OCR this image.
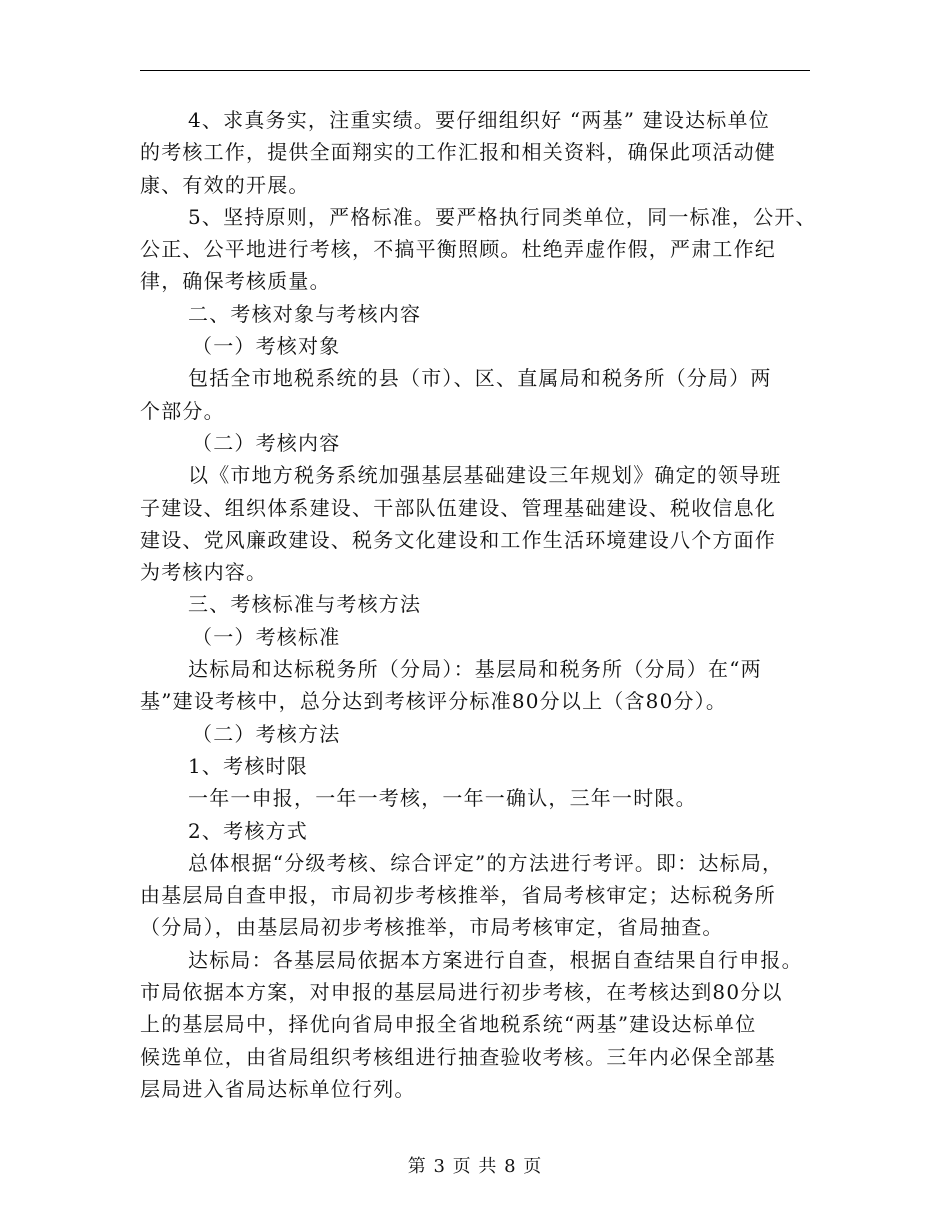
4、求真务实，注重实绩。要仔细组织好 “两基” 建设达标单位
的考核工作，提供全面翔实的工作汇报和相关资料，确保此项活动健
康、有效的开展。
5、坚持原则，严格标准。要严格执行同类单位，同一标准，公开、
公正、公平地进行考核，不搞平衡照顾。杜绝弄虚作假，严肃工作纪
律，确保考核质量。
二、考核对象与考核内容
（一）考核对象
包括全市地税系统的县（市）、区、直属局和税务所（分局）两
个部分。
（二）考核内容
以《市地方税务系统加强基层基础建设三年规划》确定的领导班
子建设、组织体系建设、干部队伍建设、管理基础建设、税收信息化
建设、党风廉政建设、税务文化建设和工作生活环境建设八个方面作
为考核内容。
三、考核标准与考核方法
（一）考核标准
达标局和达标税务所（分局）：基层局和税务所（分局）在“两
基”建设考核中，总分达到考核评分标准80分以上（含80分）。
（二）考核方法
1、考核时限
一年一申报，一年一考核，一年一确认，三年一时限。
2、考核方式
总体根据“分级考核、综合评定”的方法进行考评。即：达标局，
由基层局自查申报，市局初步考核推举，省局考核审定；达标税务所
（分局），由基层局初步考核推举，市局考核审定，省局抽查。
达标局：各基层局依据本方案进行自查，根据自查结果自行申报。
市局依据本方案，对申报的基层局进行初步考核，在考核达到80分以
上的基层局中，择优向省局申报全省地税系统“两基”建设达标单位
候选单位，由省局组织考核组进行抽查验收考核。三年内必保全部基
层局进入省局达标单位行列。
第 3 页 共 8 页
